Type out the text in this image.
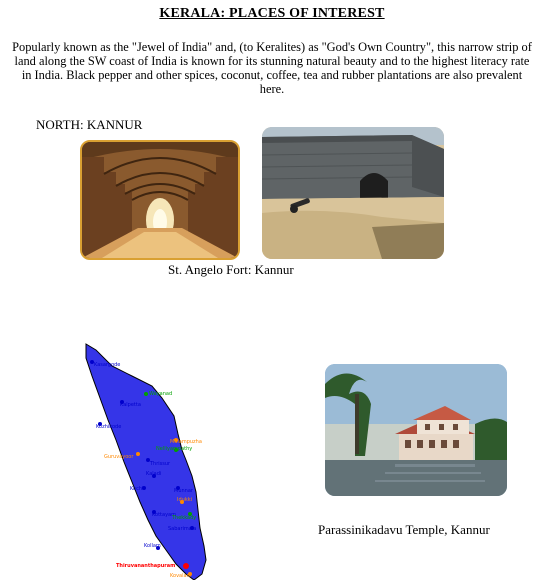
KERALA: PLACES OF INTEREST
Popularly known as the "Jewel of India" and, (to Keralites) as "God's Own Country", this narrow strip of land along the SW coast of India is known for its stunning natural beauty and to the highest literacy rate in India. Black pepper and other spices, coconut, coffee, tea and rubber plantations are also prevalent here.
NORTH: KANNUR
St. Angelo Fort: Kannur
Kasargode
Wayanad
Kalpetta
Kozhikode
Malampuzha
Nelliyampathy
Guruvayoor
Thrissur
Kaladi
Kochi	Munnar
Idukki
Kottayam
Thekkady
Sabarimala
Kollam
Thiruvananthapuram
Kovalam
Parassinikadavu Temple, Kannur
